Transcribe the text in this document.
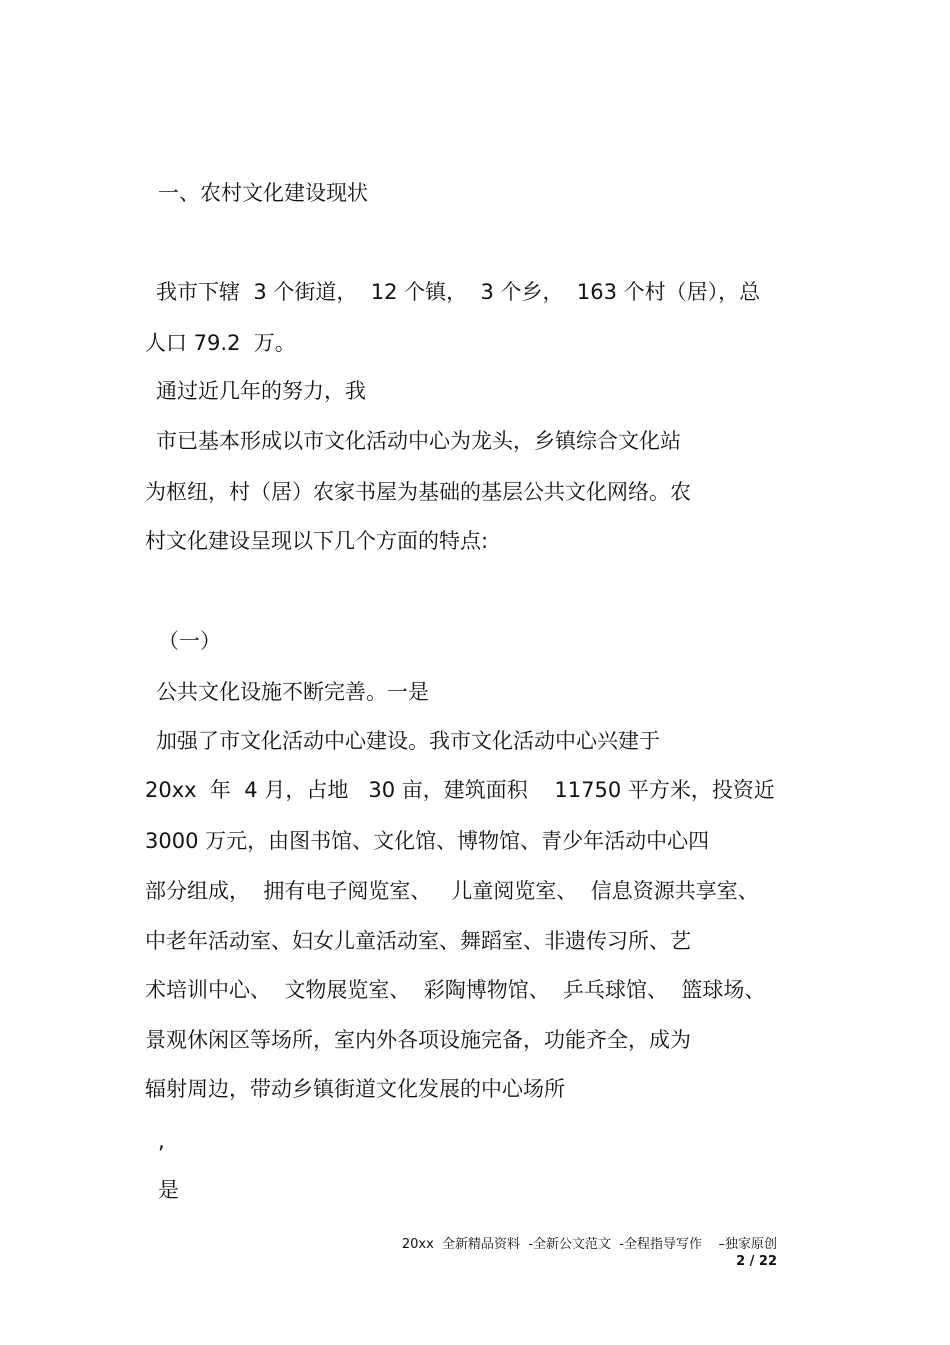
一、农村文化建设现状
我市下辖  3 个街道，  12 个镇，  3 个乡，  163 个村（居），总
人口 79.2  万。
通过近几年的努力，我
市已基本形成以市文化活动中心为龙头，乡镇综合文化站
为枢纽，村（居）农家书屋为基础的基层公共文化网络。农
村文化建设呈现以下几个方面的特点:
（一）
公共文化设施不断完善。一是
加强了市文化活动中心建设。我市文化活动中心兴建于
20xx  年  4 月，占地   30 亩，建筑面积    11750 平方米，投资近
3000 万元，由图书馆、文化馆、博物馆、青少年活动中心四
部分组成，  拥有电子阅览室、   儿童阅览室、  信息资源共享室、
中老年活动室、妇女儿童活动室、舞蹈室、非遗传习所、艺
术培训中心、  文物展览室、  彩陶博物馆、  乒乓球馆、  篮球场、
景观休闲区等场所，室内外各项设施完备，功能齐全，成为
辐射周边，带动乡镇街道文化发展的中心场所
,
是
20xx  全新精品资料  -全新公文范文  -全程指导写作    –独家原创
2 / 22
